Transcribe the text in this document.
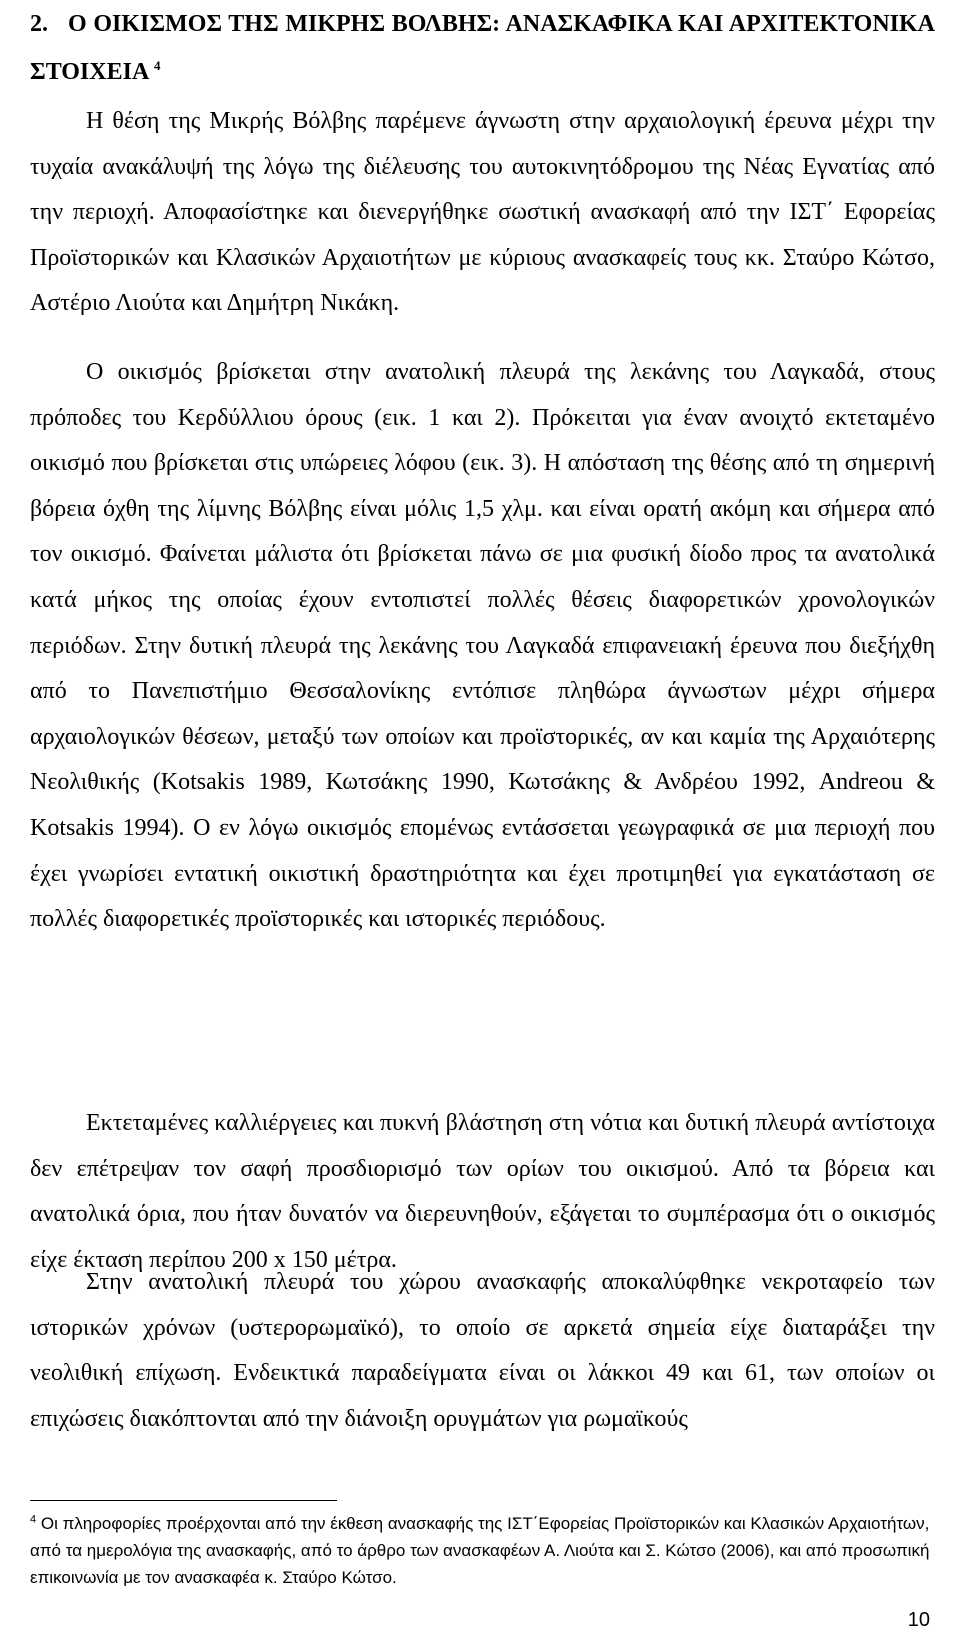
2. Ο ΟΙΚΙΣΜΟΣ ΤΗΣ ΜΙΚΡΗΣ ΒΟΛΒΗΣ: ΑΝΑΣΚΑΦΙΚΑ ΚΑΙ ΑΡΧΙΤΕΚΤΟΝΙΚΑ ΣΤΟΙΧΕΙΑ $^4$

Η θέση της Μικρής Βόλβης παρέμενε άγνωστη στην αρχαιολογική έρευνα μέχρι την τυχαία ανακάλυψή της λόγω της διέλευσης του αυτοκινητόδρομου της Νέας Εγνατίας από την περιοχή. Αποφασίστηκε και διενεργήθηκε σωστική ανασκαφή από την ΙΣΤ΄ Εφορείας Προϊστορικών και Κλασικών Αρχαιοτήτων με κύριους ανασκαφείς τους κκ. Σταύρο Κώτσο, Αστέριο Λιούτα και Δημήτρη Νικάκη.

Ο οικισμός βρίσκεται στην ανατολική πλευρά της λεκάνης του Λαγκαδά, στους πρόποδες του Κερδύλλιου όρους (εικ. 1 και 2). Πρόκειται για έναν ανοιχτό εκτεταμένο οικισμό που βρίσκεται στις υπώρειες λόφου (εικ. 3). Η απόσταση της θέσης από τη σημερινή βόρεια όχθη της λίμνης Βόλβης είναι μόλις 1,5 χλμ. και είναι ορατή ακόμη και σήμερα από τον οικισμό. Φαίνεται μάλιστα ότι βρίσκεται πάνω σε μια φυσική δίοδο προς τα ανατολικά κατά μήκος της οποίας έχουν εντοπιστεί πολλές θέσεις διαφορετικών χρονολογικών περιόδων. Στην δυτική πλευρά της λεκάνης του Λαγκαδά επιφανειακή έρευνα που διεξήχθη από το Πανεπιστήμιο Θεσσαλονίκης εντόπισε πληθώρα άγνωστων μέχρι σήμερα αρχαιολογικών θέσεων, μεταξύ των οποίων και προϊστορικές, αν και καμία της Αρχαιότερης Νεολιθικής (Kotsakis 1989, Κωτσάκης 1990, Κωτσάκης & Ανδρέου 1992, Andreou & Kotsakis 1994). Ο εν λόγω οικισμός επομένως εντάσσεται γεωγραφικά σε μια περιοχή που έχει γνωρίσει εντατική οικιστική δραστηριότητα και έχει προτιμηθεί για εγκατάσταση σε πολλές διαφορετικές προϊστορικές και ιστορικές περιόδους.

Εκτεταμένες καλλιέργειες και πυκνή βλάστηση στη νότια και δυτική πλευρά αντίστοιχα δεν επέτρεψαν τον σαφή προσδιορισμό των ορίων του οικισμού. Από τα βόρεια και ανατολικά όρια, που ήταν δυνατόν να διερευνηθούν, εξάγεται το συμπέρασμα ότι ο οικισμός είχε έκταση περίπου 200 x 150 μέτρα.

Στην ανατολική πλευρά του χώρου ανασκαφής αποκαλύφθηκε νεκροταφείο των ιστορικών χρόνων (υστερορωμαϊκό), το οποίο σε αρκετά σημεία είχε διαταράξει την νεολιθική επίχωση. Ενδεικτικά παραδείγματα είναι οι λάκκοι 49 και 61, των οποίων οι επιχώσεις διακόπτονται από την διάνοιξη ορυγμάτων για ρωμαϊκούς

$^4$ Οι πληροφορίες προέρχονται από την έκθεση ανασκαφής της ΙΣΤ΄Εφορείας Προϊστορικών και Κλασικών Αρχαιοτήτων, από τα ημερολόγια της ανασκαφής, από το άρθρο των ανασκαφέων Α. Λιούτα και Σ. Κώτσο (2006), και από προσωπική επικοινωνία με τον ανασκαφέα κ. Σταύρο Κώτσο.

10
